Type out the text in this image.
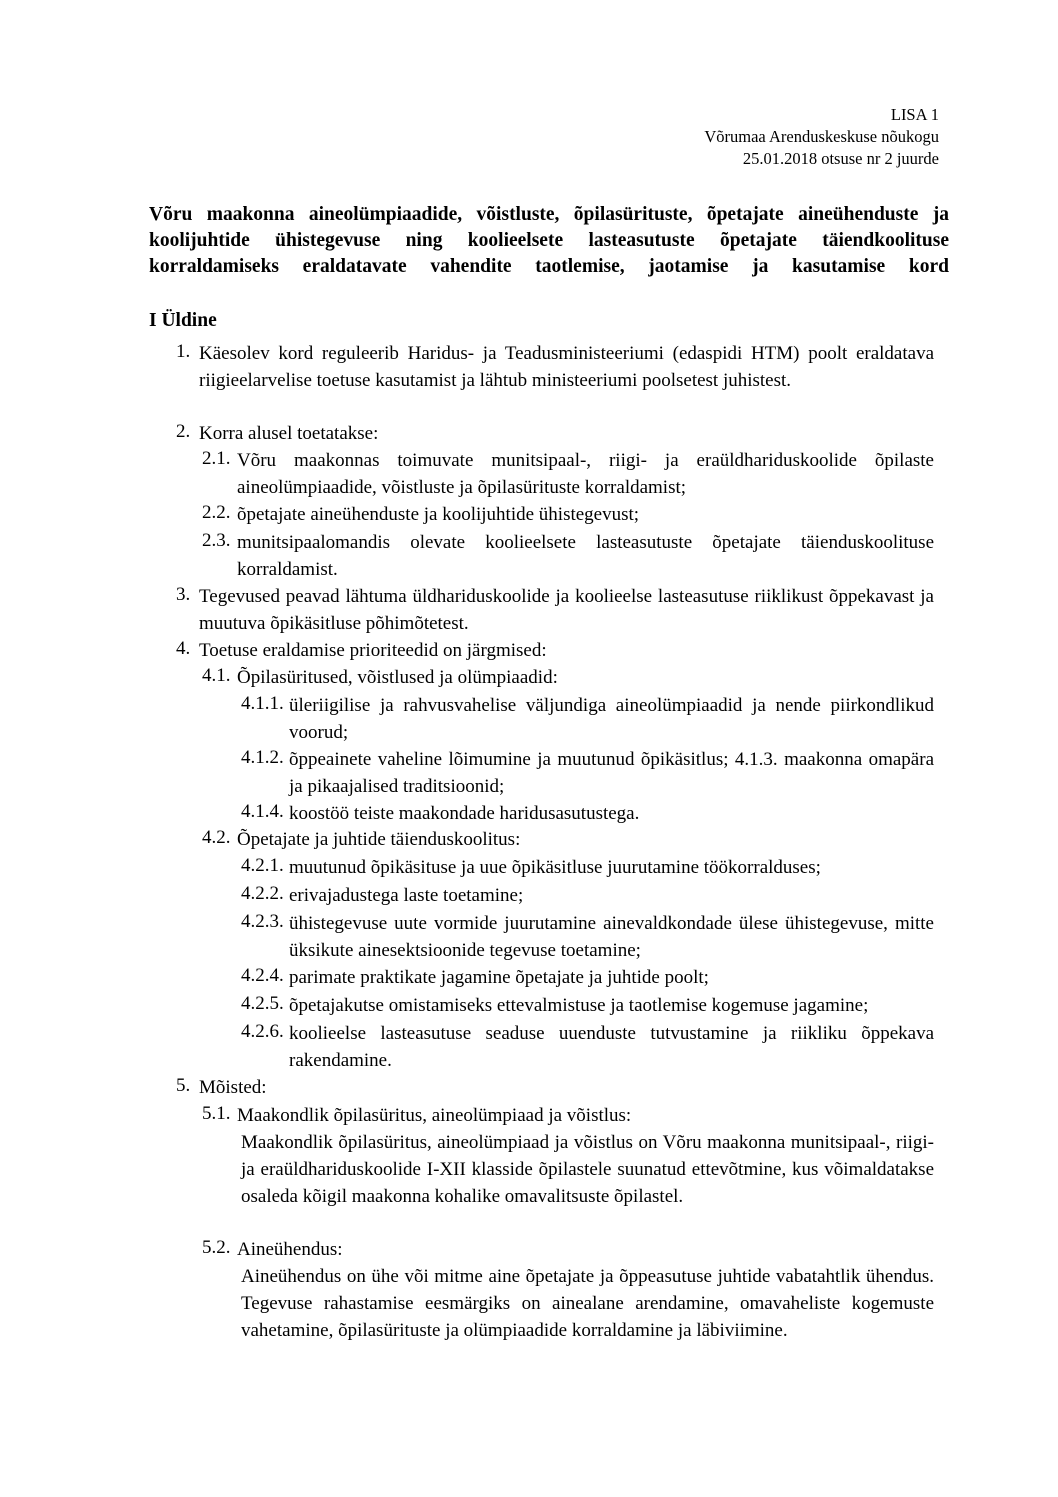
LISA 1
Võrumaa Arenduskeskuse nõukogu
25.01.2018 otsuse nr 2 juurde
Võru maakonna aineolümpiaadide, võistluste, õpilasürituste, õpetajate aineühenduste ja koolijuhtide ühistegevuse ning koolieelsete lasteasutuste õpetajate täiendkoolituse korraldamiseks eraldatavate vahendite taotlemise, jaotamise ja kasutamise kord
I Üldine
1. Käesolev kord reguleerib Haridus- ja Teadusministeeriumi (edaspidi HTM) poolt eraldatava riigieelarvelise toetuse kasutamist ja lähtub ministeeriumi poolsetest juhistest.
2. Korra alusel toetatakse:
2.1. Võru maakonnas toimuvate munitsipaal-, riigi- ja eraüldhariduskoolide õpilaste aineolümpiaadide, võistluste ja õpilasürituste korraldamist;
2.2. õpetajate aineühenduste ja koolijuhtide ühistegevust;
2.3. munitsipaalomandis olevate koolieelsete lasteasutuste õpetajate täienduskoolituse korraldamist.
3. Tegevused peavad lähtuma üldhariduskoolide ja koolieelse lasteasutuse riiklikust õppekavast ja muutuva õpikäsitluse põhimõtetest.
4. Toetuse eraldamise prioriteedid on järgmised:
4.1. Õpilasüritused, võistlused ja olümpiaadid:
4.1.1. üleriigilise ja rahvusvahelise väljundiga aineolümpiaadid ja nende piirkondlikud voorud;
4.1.2. õppeainete vaheline lõimumine ja muutunud õpikäsitlus; 4.1.3. maakonna omapära ja pikaajalised traditsioonid;
4.1.4. koostöö teiste maakondade haridusasutustega.
4.2. Õpetajate ja juhtide täienduskoolitus:
4.2.1. muutunud õpikäsituse ja uue õpikäsitluse juurutamine töökorralduses;
4.2.2. erivajadustega laste toetamine;
4.2.3. ühistegevuse uute vormide juurutamine ainevaldkondade ülese ühistegevuse, mitte üksikute ainesektsioonide tegevuse toetamine;
4.2.4. parimate praktikate jagamine õpetajate ja juhtide poolt;
4.2.5. õpetajakutse omistamiseks ettevalmistuse ja taotlemise kogemuse jagamine;
4.2.6. koolieelse lasteasutuse seaduse uuenduste tutvustamine ja riikliku õppekava rakendamine.
5. Mõisted:
5.1. Maakondlik õpilasüritus, aineolümpiaad ja võistlus:
Maakondlik õpilasüritus, aineolümpiaad ja võistlus on Võru maakonna munitsipaal-, riigi- ja eraüldhariduskoolide I-XII klasside õpilastele suunatud ettevõtmine, kus võimaldatakse osaleda kõigil maakonna kohalike omavalitsuste õpilastel.
5.2. Aineühendus:
Aineühendus on ühe või mitme aine õpetajate ja õppeasutuse juhtide vabatahtlik ühendus. Tegevuse rahastamise eesmärgiks on ainealane arendamine, omavaheliste kogemuste vahetamine, õpilasürituste ja olümpiaadide korraldamine ja läbiviimine.
